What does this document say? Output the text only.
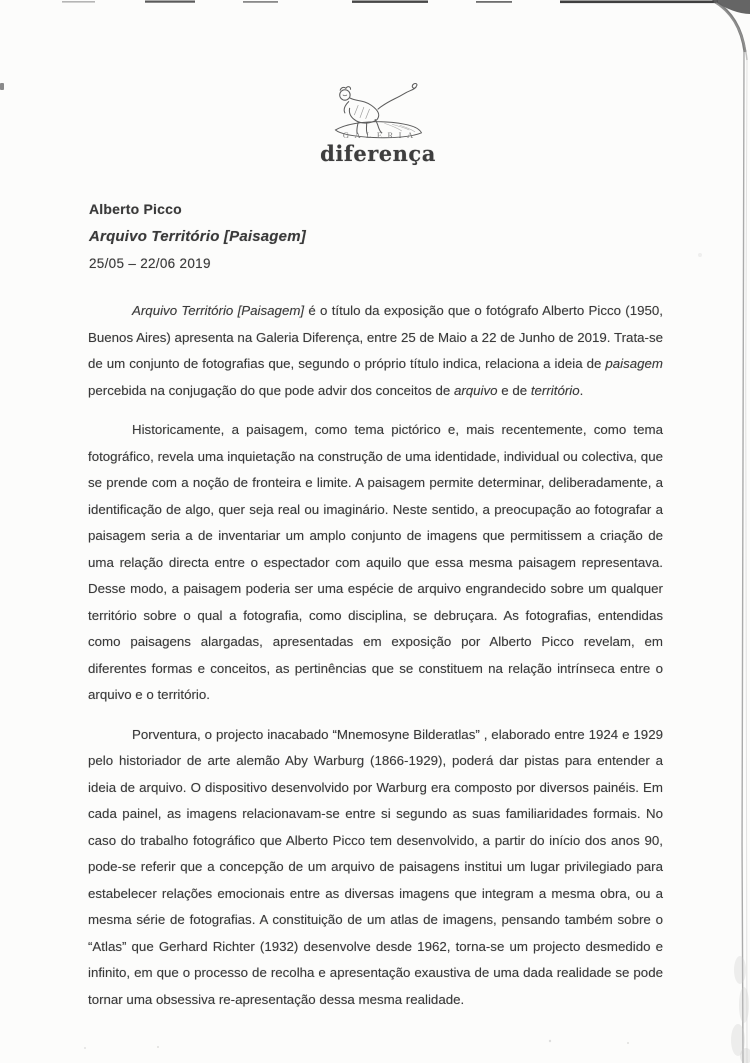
GALERIA
diferença
Alberto Picco
Arquivo Território [Paisagem]
25/05 – 22/06 2019

Arquivo Território [Paisagem] é o título da exposição que o fotógrafo Alberto Picco (1950, Buenos Aires) apresenta na Galeria Diferença, entre 25 de Maio a 22 de Junho de 2019. Trata-se de um conjunto de fotografias que, segundo o próprio título indica, relaciona a ideia de paisagem percebida na conjugação do que pode advir dos conceitos de arquivo e de território.

Historicamente, a paisagem, como tema pictórico e, mais recentemente, como tema fotográfico, revela uma inquietação na construção de uma identidade, individual ou colectiva, que se prende com a noção de fronteira e limite. A paisagem permite determinar, deliberadamente, a identificação de algo, quer seja real ou imaginário. Neste sentido, a preocupação ao fotografar a paisagem seria a de inventariar um amplo conjunto de imagens que permitissem a criação de uma relação directa entre o espectador com aquilo que essa mesma paisagem representava. Desse modo, a paisagem poderia ser uma espécie de arquivo engrandecido sobre um qualquer território sobre o qual a fotografia, como disciplina, se debruçara. As fotografias, entendidas como paisagens alargadas, apresentadas em exposição por Alberto Picco revelam, em diferentes formas e conceitos, as pertinências que se constituem na relação intrínseca entre o arquivo e o território.

Porventura, o projecto inacabado “Mnemosyne Bilderatlas” , elaborado entre 1924 e 1929 pelo historiador de arte alemão Aby Warburg (1866-1929), poderá dar pistas para entender a ideia de arquivo. O dispositivo desenvolvido por Warburg era composto por diversos painéis. Em cada painel, as imagens relacionavam-se entre si segundo as suas familiaridades formais. No caso do trabalho fotográfico que Alberto Picco tem desenvolvido, a partir do início dos anos 90, pode-se referir que a concepção de um arquivo de paisagens institui um lugar privilegiado para estabelecer relações emocionais entre as diversas imagens que integram a mesma obra, ou a mesma série de fotografias. A constituição de um atlas de imagens, pensando também sobre o “Atlas” que Gerhard Richter (1932) desenvolve desde 1962, torna-se um projecto desmedido e infinito, em que o processo de recolha e apresentação exaustiva de uma dada realidade se pode tornar uma obsessiva re-apresentação dessa mesma realidade.
